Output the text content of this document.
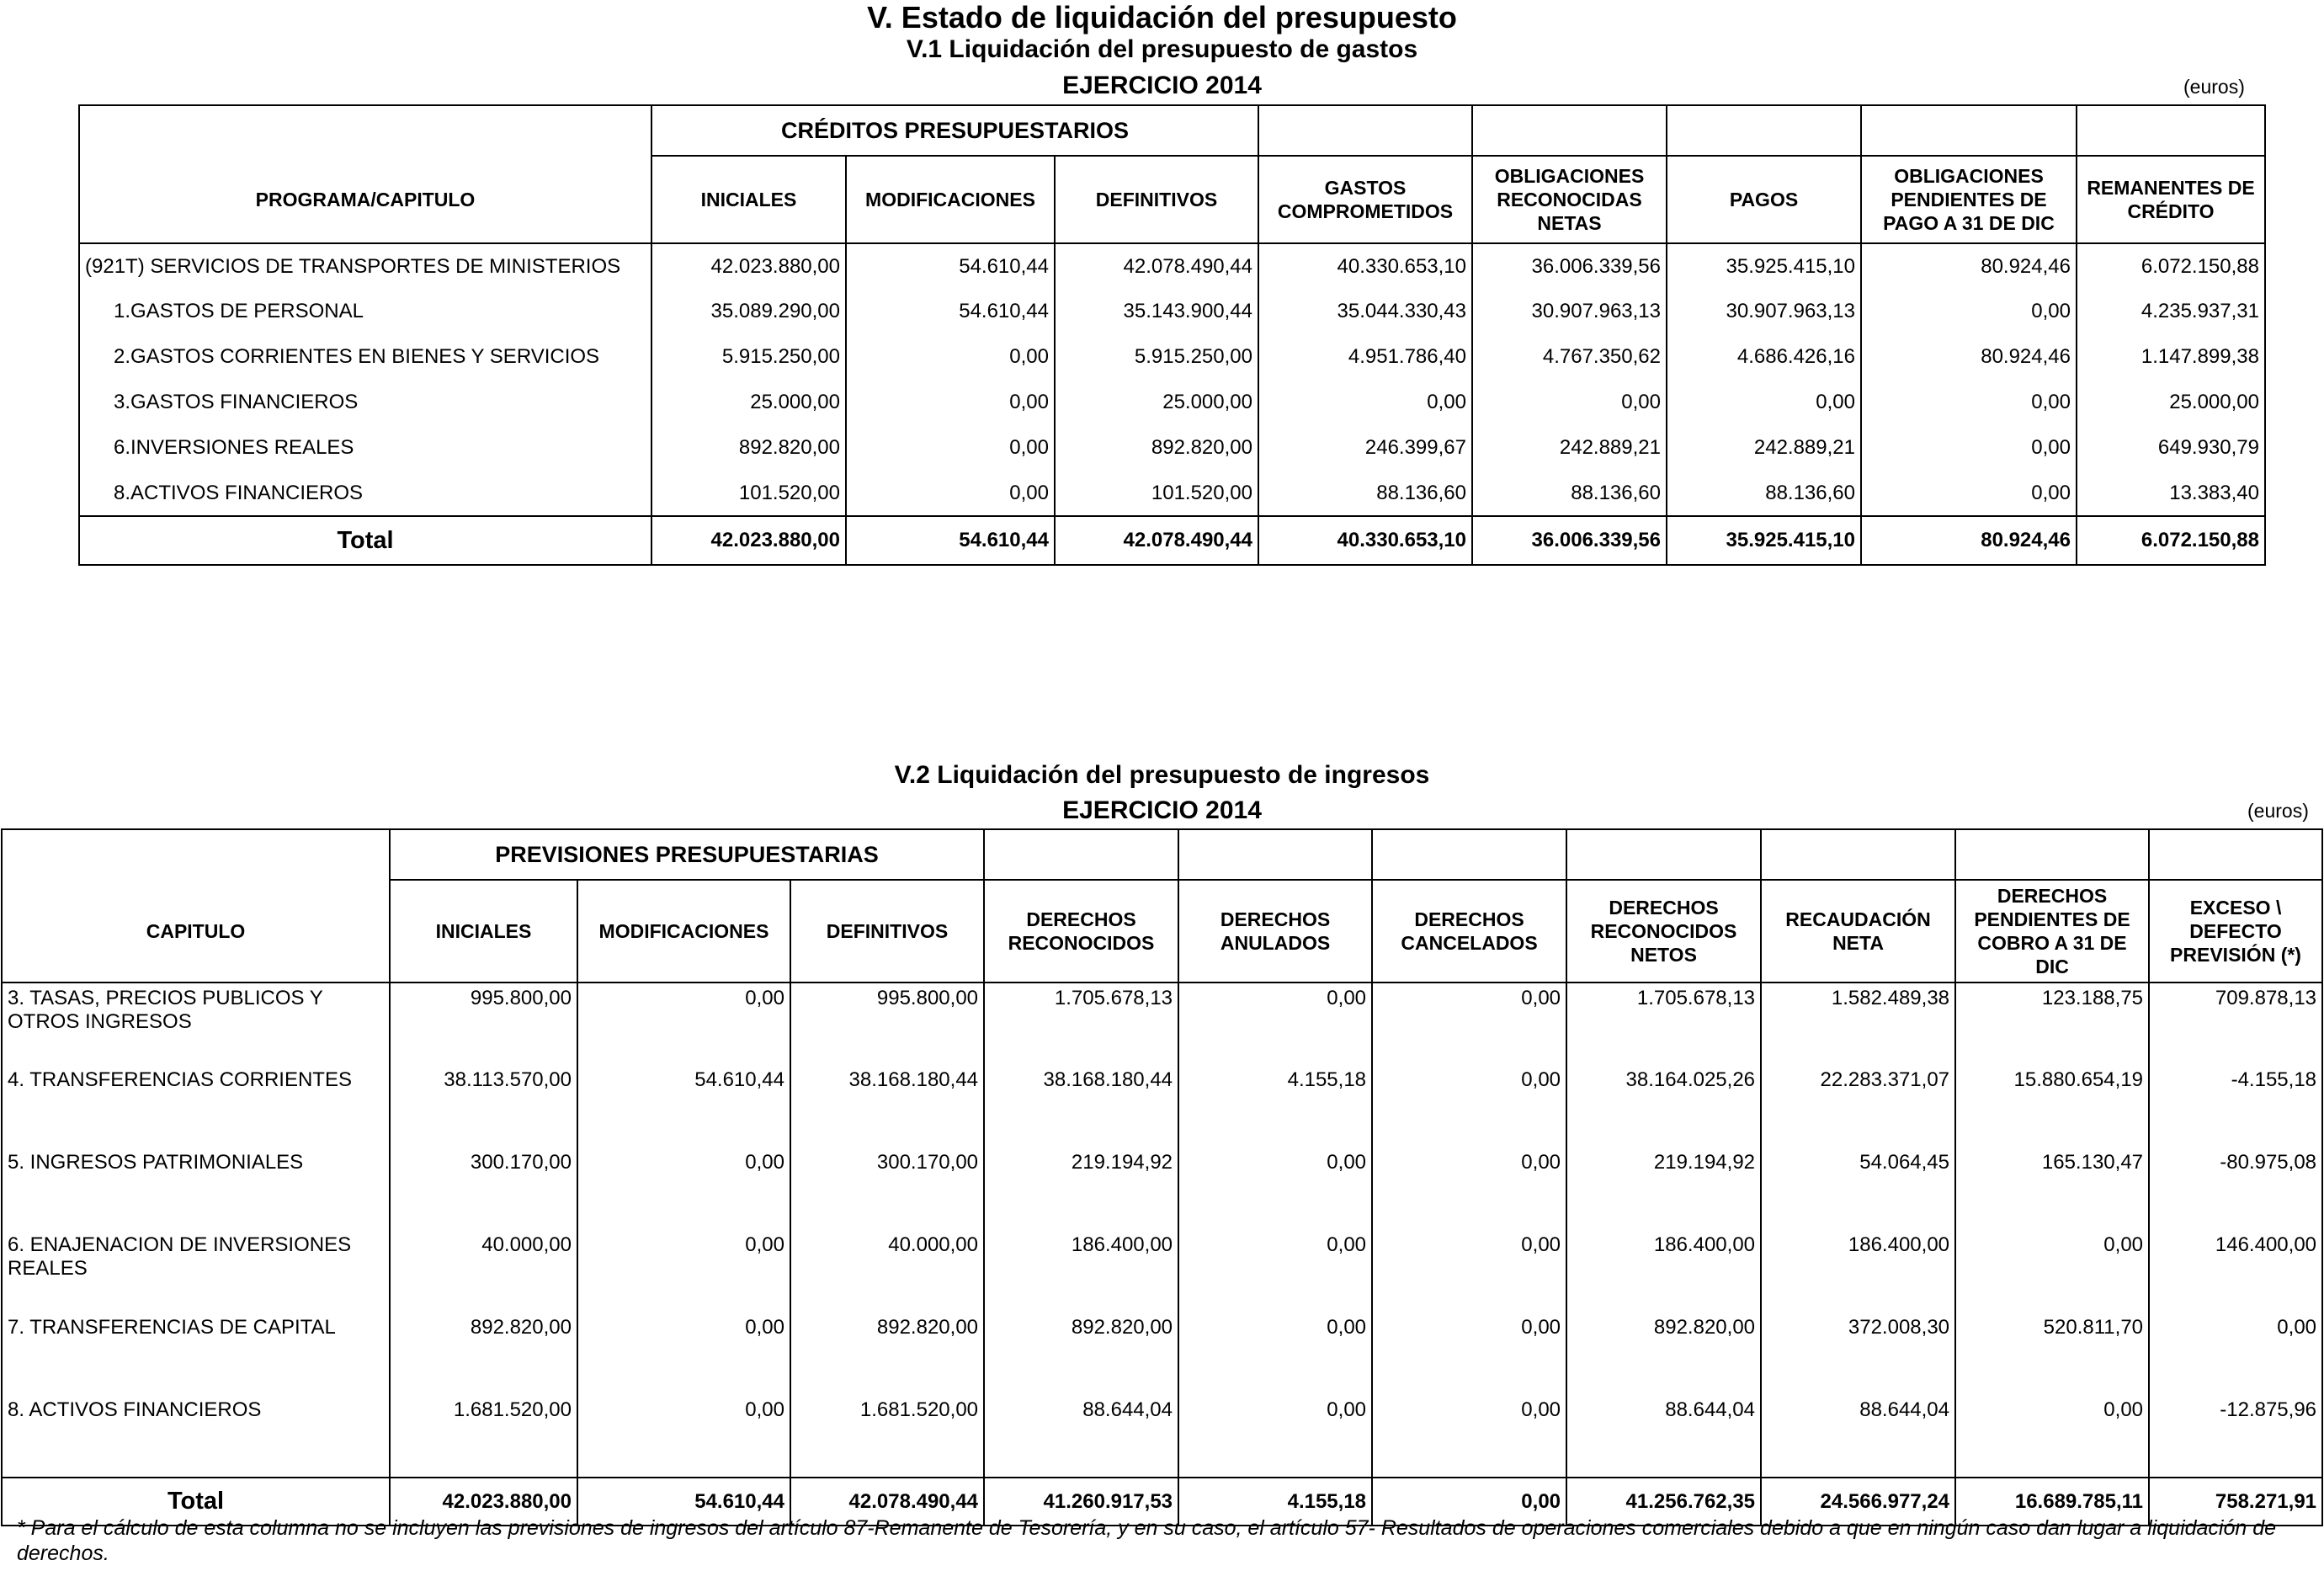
V. Estado de liquidación del presupuesto
V.1 Liquidación del presupuesto de gastos
EJERCICIO 2014	(euros)
	CRÉDITOS PRESUPUESTARIOS							
PROGRAMA/CAPITULO	INICIALES	MODIFICACIONES	DEFINITIVOS	GASTOS COMPROMETIDOS	OBLIGACIONES RECONOCIDAS NETAS	PAGOS	OBLIGACIONES PENDIENTES DE PAGO A 31 DE DIC	REMANENTES DE CRÉDITO
(921T) SERVICIOS DE TRANSPORTES DE MINISTERIOS	42.023.880,00	54.610,44	42.078.490,44	40.330.653,10	36.006.339,56	35.925.415,10	80.924,46	6.072.150,88
1.GASTOS DE PERSONAL	35.089.290,00	54.610,44	35.143.900,44	35.044.330,43	30.907.963,13	30.907.963,13	0,00	4.235.937,31
2.GASTOS CORRIENTES EN BIENES Y SERVICIOS	5.915.250,00	0,00	5.915.250,00	4.951.786,40	4.767.350,62	4.686.426,16	80.924,46	1.147.899,38
3.GASTOS FINANCIEROS	25.000,00	0,00	25.000,00	0,00	0,00	0,00	0,00	25.000,00
6.INVERSIONES REALES	892.820,00	0,00	892.820,00	246.399,67	242.889,21	242.889,21	0,00	649.930,79
8.ACTIVOS FINANCIEROS	101.520,00	0,00	101.520,00	88.136,60	88.136,60	88.136,60	0,00	13.383,40
Total	42.023.880,00	54.610,44	42.078.490,44	40.330.653,10	36.006.339,56	35.925.415,10	80.924,46	6.072.150,88
V.2 Liquidación del presupuesto de ingresos
EJERCICIO 2014	(euros)
	PREVISIONES PRESUPUESTARIAS									
CAPITULO	INICIALES	MODIFICACIONES	DEFINITIVOS	DERECHOS RECONOCIDOS	DERECHOS ANULADOS	DERECHOS CANCELADOS	DERECHOS RECONOCIDOS NETOS	RECAUDACIÓN NETA	DERECHOS PENDIENTES DE COBRO A 31 DE DIC	EXCESO \ DEFECTO PREVISIÓN (*)
3. TASAS, PRECIOS PUBLICOS Y OTROS INGRESOS	995.800,00	0,00	995.800,00	1.705.678,13	0,00	0,00	1.705.678,13	1.582.489,38	123.188,75	709.878,13
4. TRANSFERENCIAS CORRIENTES	38.113.570,00	54.610,44	38.168.180,44	38.168.180,44	4.155,18	0,00	38.164.025,26	22.283.371,07	15.880.654,19	-4.155,18
5. INGRESOS PATRIMONIALES	300.170,00	0,00	300.170,00	219.194,92	0,00	0,00	219.194,92	54.064,45	165.130,47	-80.975,08
6. ENAJENACION DE INVERSIONES REALES	40.000,00	0,00	40.000,00	186.400,00	0,00	0,00	186.400,00	186.400,00	0,00	146.400,00
7. TRANSFERENCIAS DE CAPITAL	892.820,00	0,00	892.820,00	892.820,00	0,00	0,00	892.820,00	372.008,30	520.811,70	0,00
8. ACTIVOS FINANCIEROS	1.681.520,00	0,00	1.681.520,00	88.644,04	0,00	0,00	88.644,04	88.644,04	0,00	-12.875,96
Total	42.023.880,00	54.610,44	42.078.490,44	41.260.917,53	4.155,18	0,00	41.256.762,35	24.566.977,24	16.689.785,11	758.271,91
* Para el cálculo de esta columna no se incluyen las previsiones de ingresos del artículo 87-Remanente de Tesorería, y en su caso, el artículo 57- Resultados de operaciones comerciales debido a que en ningún caso dan lugar a liquidación de derechos.
